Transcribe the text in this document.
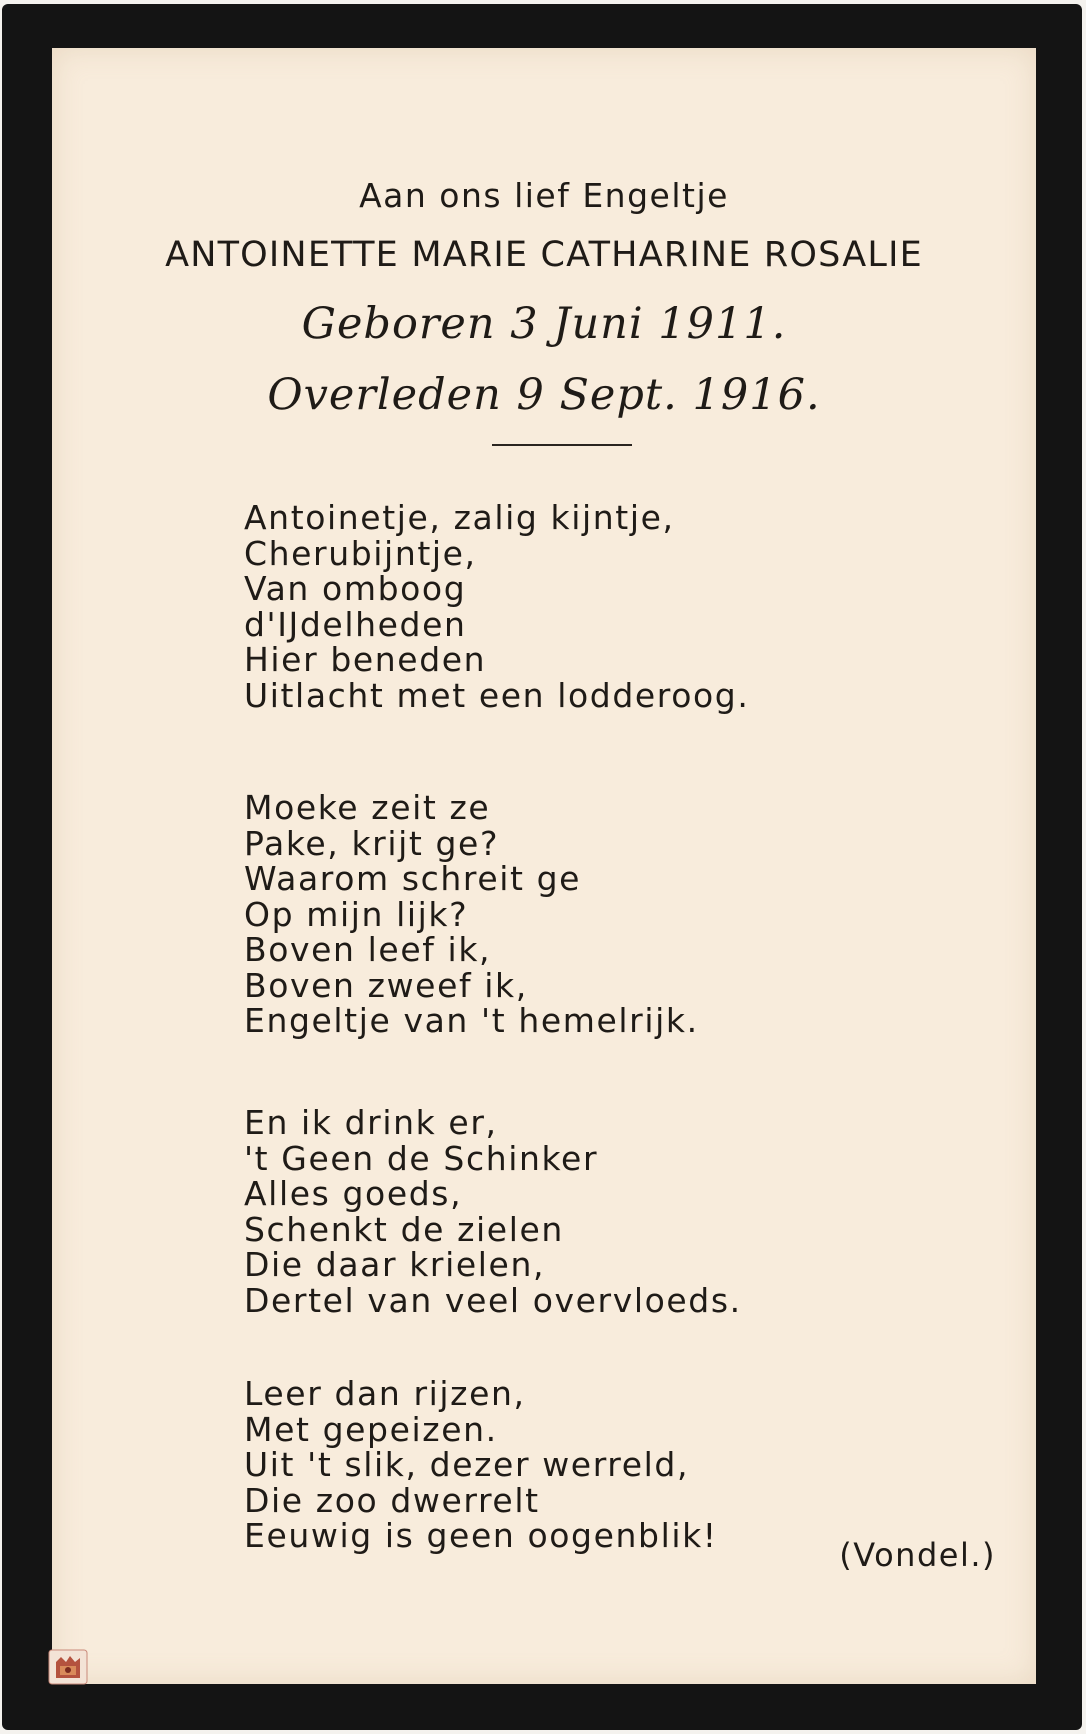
Aan ons lief Engeltje
ANTOINETTE MARIE CATHARINE ROSALIE
Geboren 3 Juni 1911.
Overleden 9 Sept. 1916.
Antoinetje, zalig kijntje,
Cherubijntje,
Van omboog
d'IJdelheden
Hier beneden
Uitlacht met een lodderoog.
Moeke zeit ze
Pake, krijt ge?
Waarom schreit ge
Op mijn lijk?
Boven leef ik,
Boven zweef ik,
Engeltje van 't hemelrijk.
En ik drink er,
't Geen de Schinker
Alles goeds,
Schenkt de zielen
Die daar krielen,
Dertel van veel overvloeds.
Leer dan rijzen,
Met gepeizen.
Uit 't slik, dezer werreld,
Die zoo dwerrelt
Eeuwig is geen oogenblik!	(Vondel.)
